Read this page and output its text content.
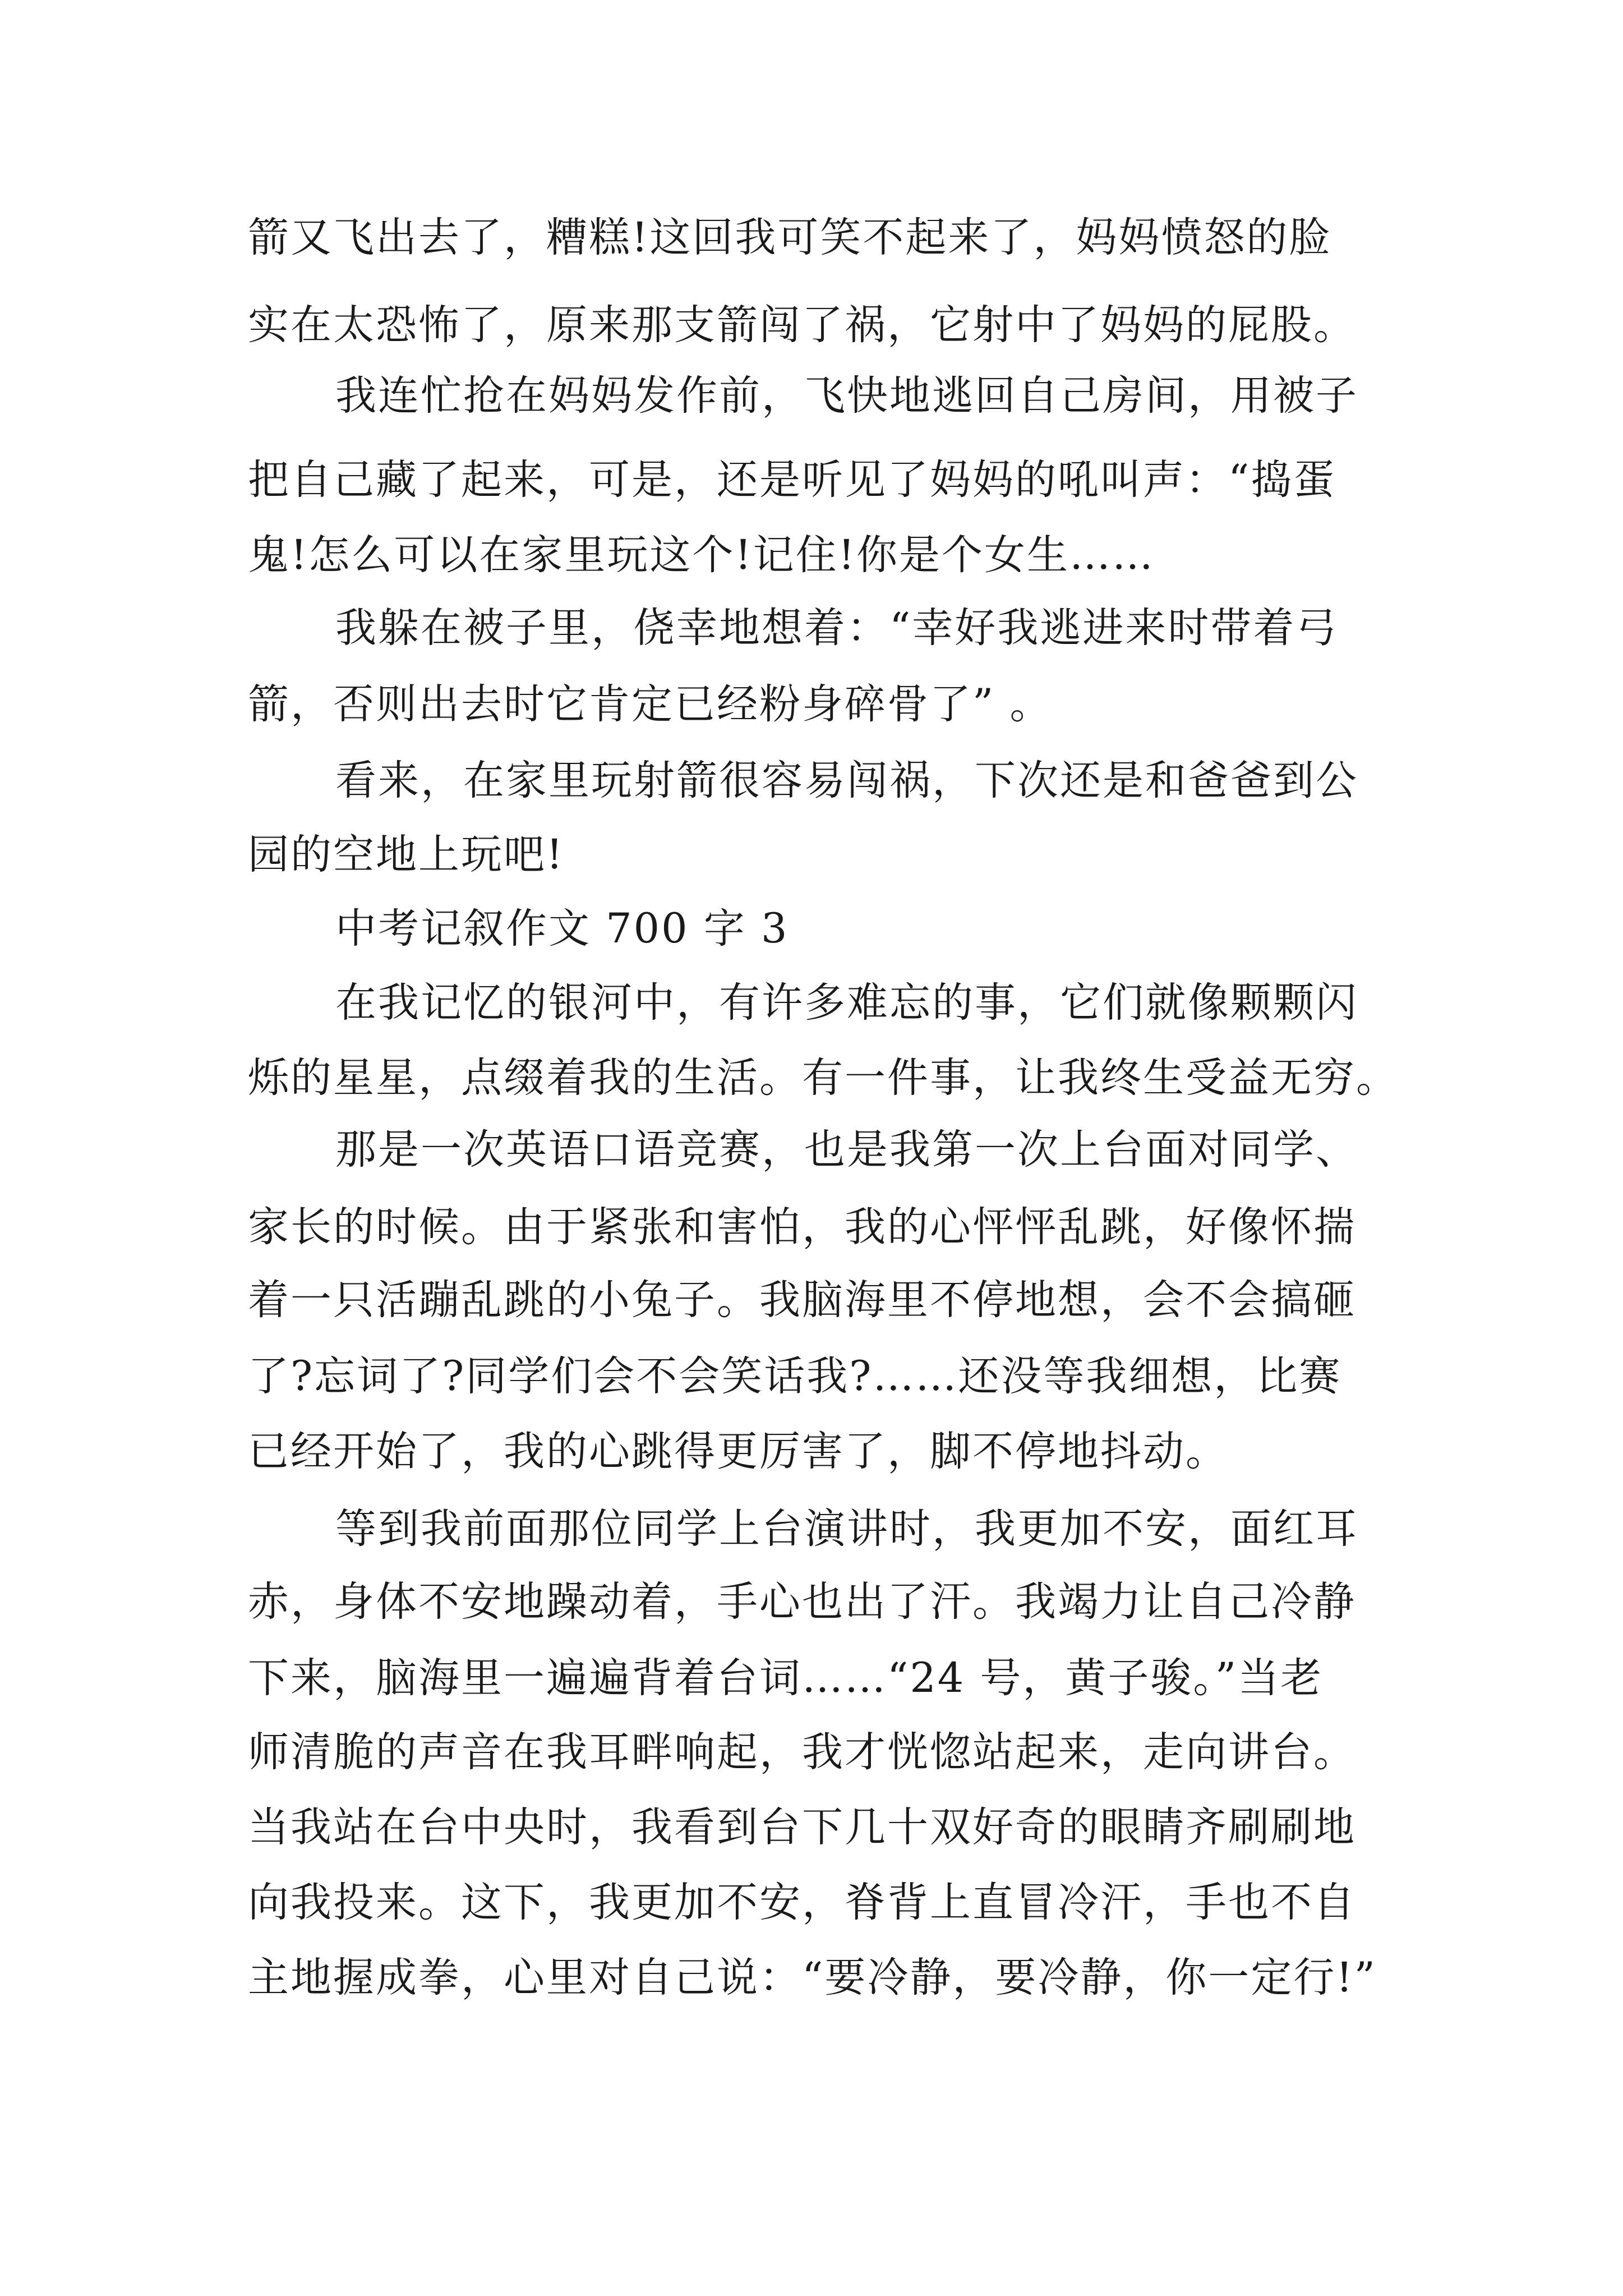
箭又飞出去了，糟糕!这回我可笑不起来了，妈妈愤怒的脸
实在太恐怖了，原来那支箭闯了祸，它射中了妈妈的屁股。
我连忙抢在妈妈发作前，飞快地逃回自己房间，用被子
把自己藏了起来，可是，还是听见了妈妈的吼叫声：“捣蛋
鬼!怎么可以在家里玩这个!记住!你是个女生……
我躲在被子里，侥幸地想着：“幸好我逃进来时带着弓
箭，否则出去时它肯定已经粉身碎骨了” 。
看来，在家里玩射箭很容易闯祸，下次还是和爸爸到公
园的空地上玩吧!
中考记叙作文 700 字 3
在我记忆的银河中，有许多难忘的事，它们就像颗颗闪
烁的星星，点缀着我的生活。有一件事，让我终生受益无穷。
那是一次英语口语竞赛，也是我第一次上台面对同学、
家长的时候。由于紧张和害怕，我的心怦怦乱跳，好像怀揣
着一只活蹦乱跳的小兔子。我脑海里不停地想，会不会搞砸
了?忘词了?同学们会不会笑话我?……还没等我细想，比赛
已经开始了，我的心跳得更厉害了，脚不停地抖动。
等到我前面那位同学上台演讲时，我更加不安，面红耳
赤，身体不安地躁动着，手心也出了汗。我竭力让自己冷静
下来，脑海里一遍遍背着台词……“24 号，黄子骏。”当老
师清脆的声音在我耳畔响起，我才恍惚站起来，走向讲台。
当我站在台中央时，我看到台下几十双好奇的眼睛齐刷刷地
向我投来。这下，我更加不安，脊背上直冒冷汗，手也不自
主地握成拳，心里对自己说：“要冷静，要冷静，你一定行!”
